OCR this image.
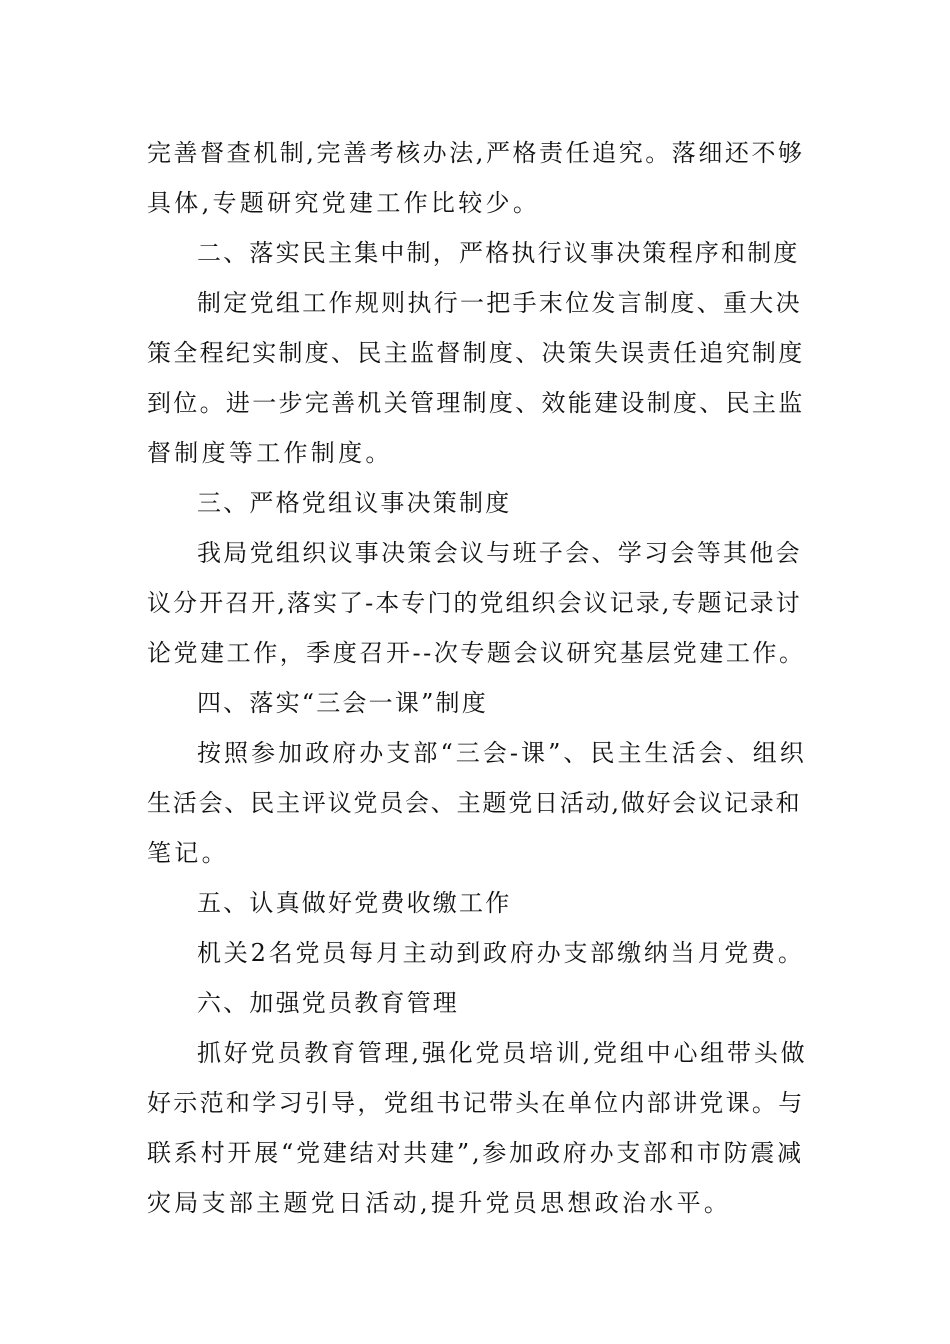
完善督查机制,完善考核办法,严格责任追究。落细还不够
具体,专题研究党建工作比较少。
二、落实民主集中制，严格执行议事决策程序和制度
制定党组工作规则执行一把手末位发言制度、重大决
策全程纪实制度、民主监督制度、决策失误责任追究制度
到位。进一步完善机关管理制度、效能建设制度、民主监
督制度等工作制度。
三、严格党组议事决策制度
我局党组织议事决策会议与班子会、学习会等其他会
议分开召开,落实了-本专门的党组织会议记录,专题记录讨
论党建工作，季度召开--次专题会议研究基层党建工作。
四、落实“三会一课”制度
按照参加政府办支部“三会-课”、民主生活会、组织
生活会、民主评议党员会、主题党日活动,做好会议记录和
笔记。
五、认真做好党费收缴工作
机关2名党员每月主动到政府办支部缴纳当月党费。
六、加强党员教育管理
抓好党员教育管理,强化党员培训,党组中心组带头做
好示范和学习引导，党组书记带头在单位内部讲党课。与
联系村开展“党建结对共建”,参加政府办支部和市防震减
灾局支部主题党日活动,提升党员思想政治水平。
